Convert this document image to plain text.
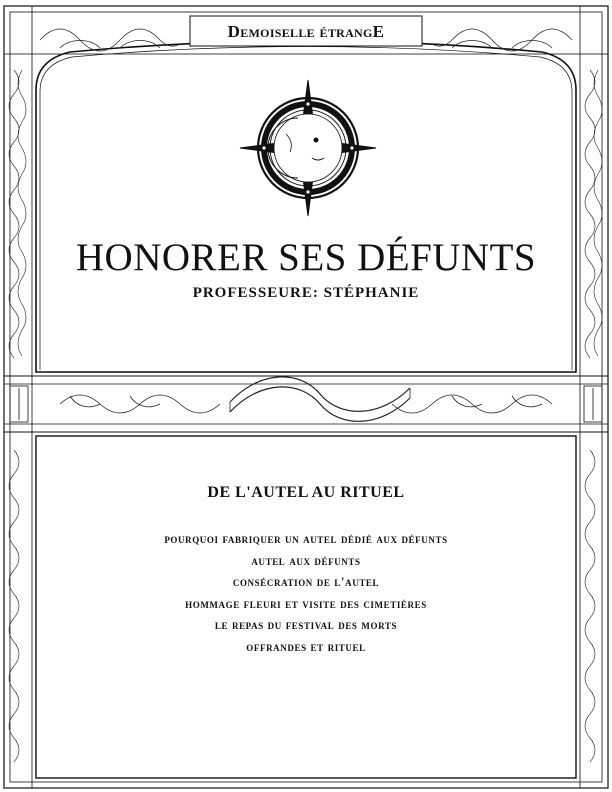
Demoiselle étrangE
HONORER SES DÉFUNTS
PROFESSEURE: STÉPHANIE
DE L'AUTEL AU RITUEL
pourquoi fabriquer un autel dédié aux défunts
autel aux défunts
consécration de l'autel
hommage fleuri et visite des cimetières
le repas du festival des morts
offrandes et rituel
